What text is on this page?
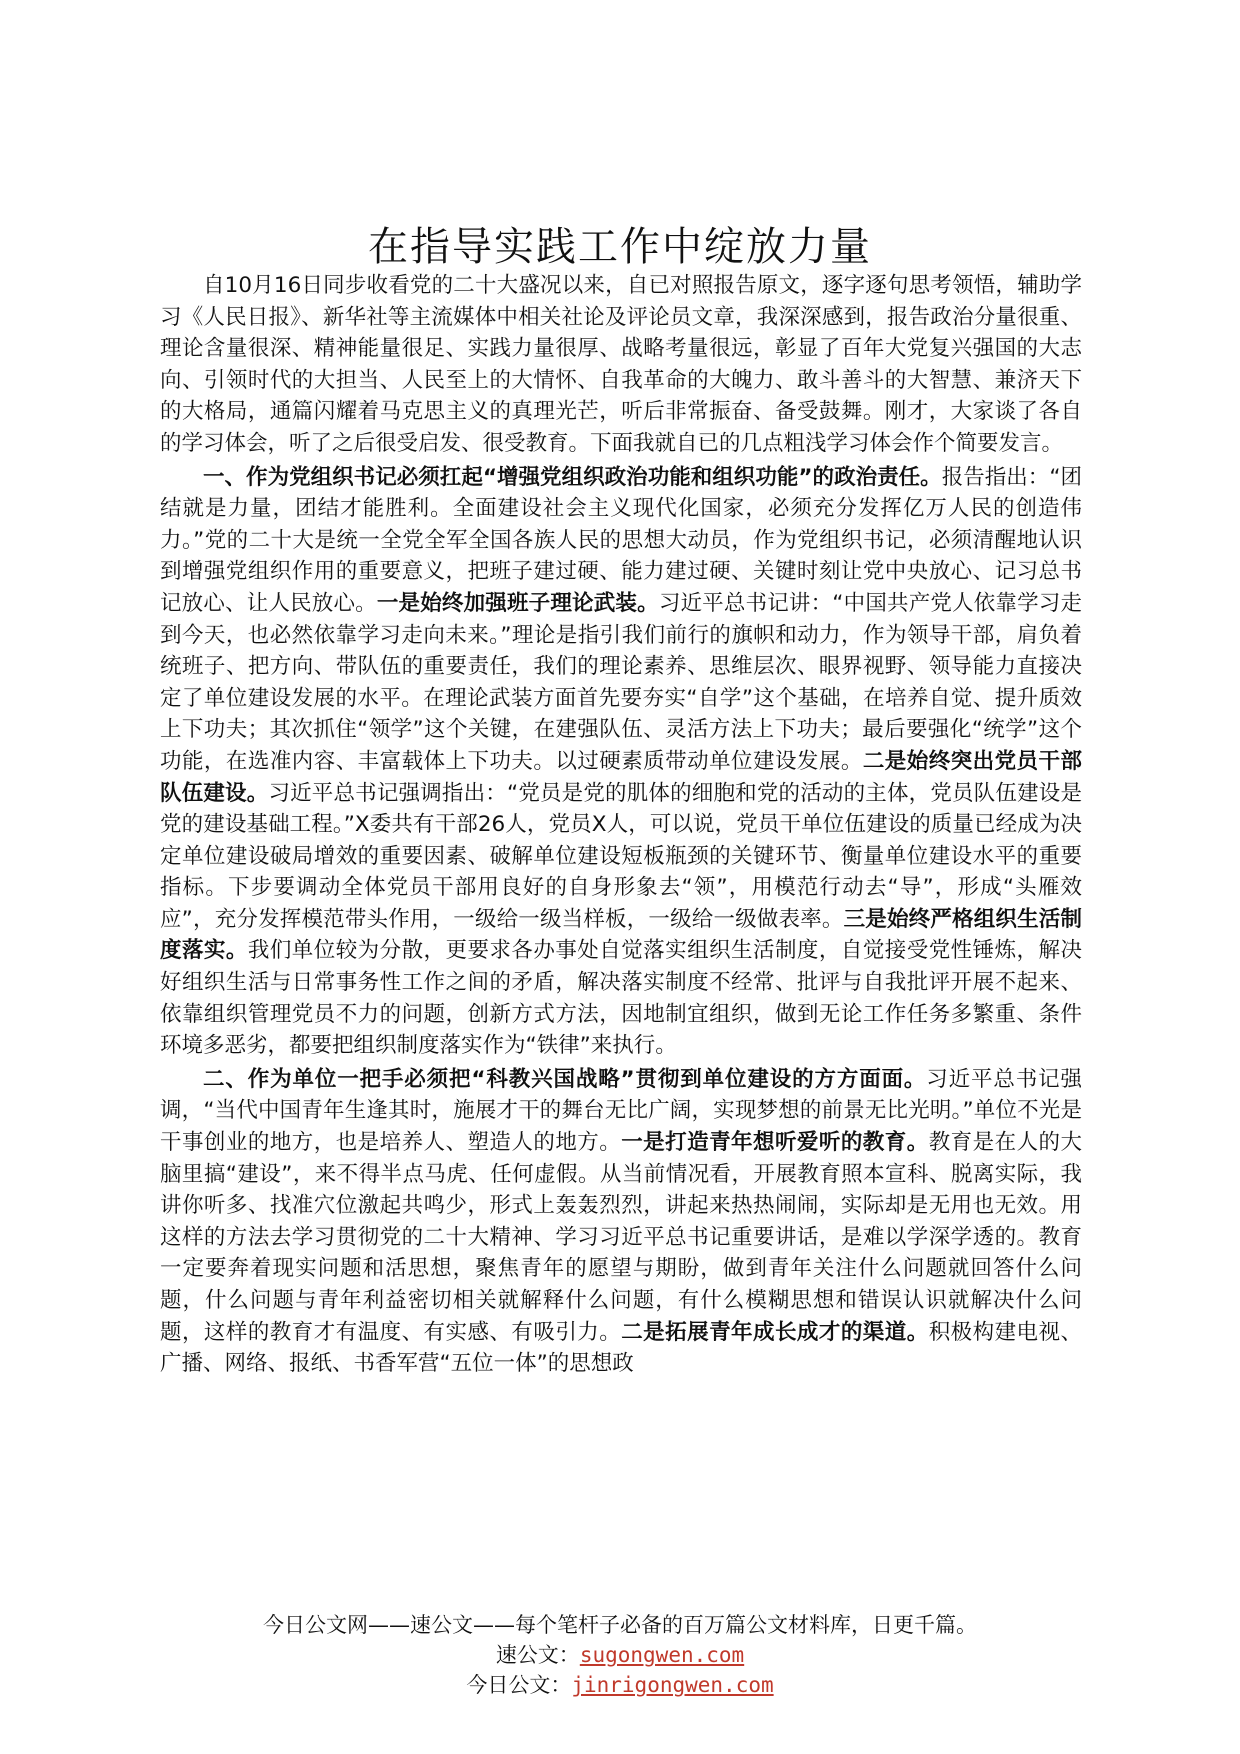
在指导实践工作中绽放力量

自10月16日同步收看党的二十大盛况以来，自已对照报告原文，逐字逐句思考领悟，辅助学习《人民日报》、新华社等主流媒体中相关社论及评论员文章，我深深感到，报告政治分量很重、理论含量很深、精神能量很足、实践力量很厚、战略考量很远，彰显了百年大党复兴强国的大志向、引领时代的大担当、人民至上的大情怀、自我革命的大魄力、敢斗善斗的大智慧、兼济天下的大格局，通篇闪耀着马克思主义的真理光芒，听后非常振奋、备受鼓舞。刚才，大家谈了各自的学习体会，听了之后很受启发、很受教育。下面我就自已的几点粗浅学习体会作个简要发言。

一、作为党组织书记必须扛起“增强党组织政治功能和组织功能”的政治责任。报告指出：“团结就是力量，团结才能胜利。全面建设社会主义现代化国家，必须充分发挥亿万人民的创造伟力。”党的二十大是统一全党全军全国各族人民的思想大动员，作为党组织书记，必须清醒地认识到增强党组织作用的重要意义，把班子建过硬、能力建过硬、关键时刻让党中央放心、记习总书记放心、让人民放心。一是始终加强班子理论武装。习近平总书记讲：“中国共产党人依靠学习走到今天，也必然依靠学习走向未来。”理论是指引我们前行的旗帜和动力，作为领导干部，肩负着统班子、把方向、带队伍的重要责任，我们的理论素养、思维层次、眼界视野、领导能力直接决定了单位建设发展的水平。在理论武装方面首先要夯实“自学”这个基础，在培养自觉、提升质效上下功夫；其次抓住“领学”这个关键，在建强队伍、灵活方法上下功夫；最后要强化“统学”这个功能，在选准内容、丰富载体上下功夫。以过硬素质带动单位建设发展。二是始终突出党员干部队伍建设。习近平总书记强调指出：“党员是党的肌体的细胞和党的活动的主体，党员队伍建设是党的建设基础工程。”X委共有干部26人，党员X人，可以说，党员干单位伍建设的质量已经成为决定单位建设破局增效的重要因素、破解单位建设短板瓶颈的关键环节、衡量单位建设水平的重要指标。下步要调动全体党员干部用良好的自身形象去“领”，用模范行动去“导”，形成“头雁效应”，充分发挥模范带头作用，一级给一级当样板，一级给一级做表率。三是始终严格组织生活制度落实。我们单位较为分散，更要求各办事处自觉落实组织生活制度，自觉接受党性锤炼，解决好组织生活与日常事务性工作之间的矛盾，解决落实制度不经常、批评与自我批评开展不起来、依靠组织管理党员不力的问题，创新方式方法，因地制宜组织，做到无论工作任务多繁重、条件环境多恶劣，都要把组织制度落实作为“铁律”来执行。

二、作为单位一把手必须把“科教兴国战略”贯彻到单位建设的方方面面。习近平总书记强调，“当代中国青年生逢其时，施展才干的舞台无比广阔，实现梦想的前景无比光明。”单位不光是干事创业的地方，也是培养人、塑造人的地方。一是打造青年想听爱听的教育。教育是在人的大脑里搞“建设”，来不得半点马虎、任何虚假。从当前情况看，开展教育照本宣科、脱离实际，我讲你听多、找准穴位激起共鸣少，形式上轰轰烈烈，讲起来热热闹闹，实际却是无用也无效。用这样的方法去学习贯彻党的二十大精神、学习习近平总书记重要讲话，是难以学深学透的。教育一定要奔着现实问题和活思想，聚焦青年的愿望与期盼，做到青年关注什么问题就回答什么问题，什么问题与青年利益密切相关就解释什么问题，有什么模糊思想和错误认识就解决什么问题，这样的教育才有温度、有实感、有吸引力。二是拓展青年成长成才的渠道。积极构建电视、广播、网络、报纸、书香军营“五位一体”的思想政

今日公文网——速公文——每个笔杆子必备的百万篇公文材料库，日更千篇。
速公文：sugongwen.com
今日公文：jinrigongwen.com
